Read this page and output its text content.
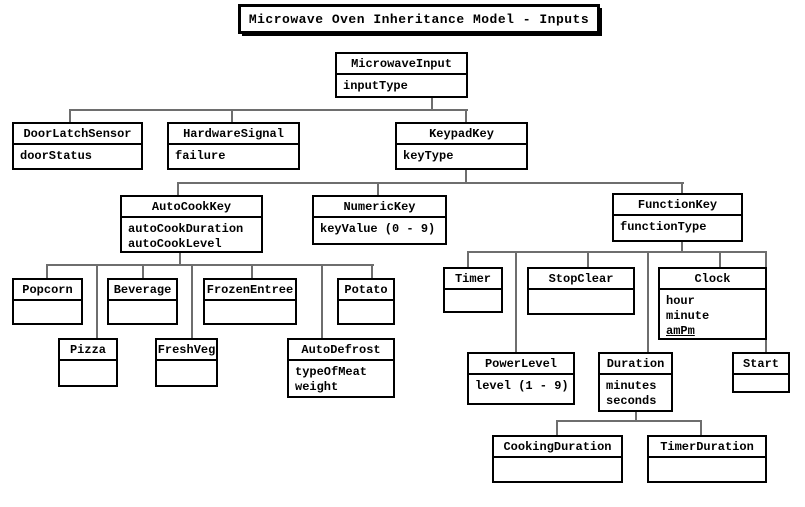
Microwave Oven Inheritance Model - Inputs
MicrowaveInput
inputType
DoorLatchSensor
doorStatus
HardwareSignal
failure
KeypadKey
keyType
AutoCookKey
autoCookDuration
autoCookLevel
NumericKey
keyValue (0 - 9)
FunctionKey
functionType
Popcorn	Beverage	FrozenEntree	Potato
Pizza	FreshVeg	AutoDefrost
typeOfMeat
weight
Timer	StopClear	Clock
hour
minute
amPm
PowerLevel
level (1 - 9)
Duration
minutes
seconds
Start
CookingDuration	TimerDuration
